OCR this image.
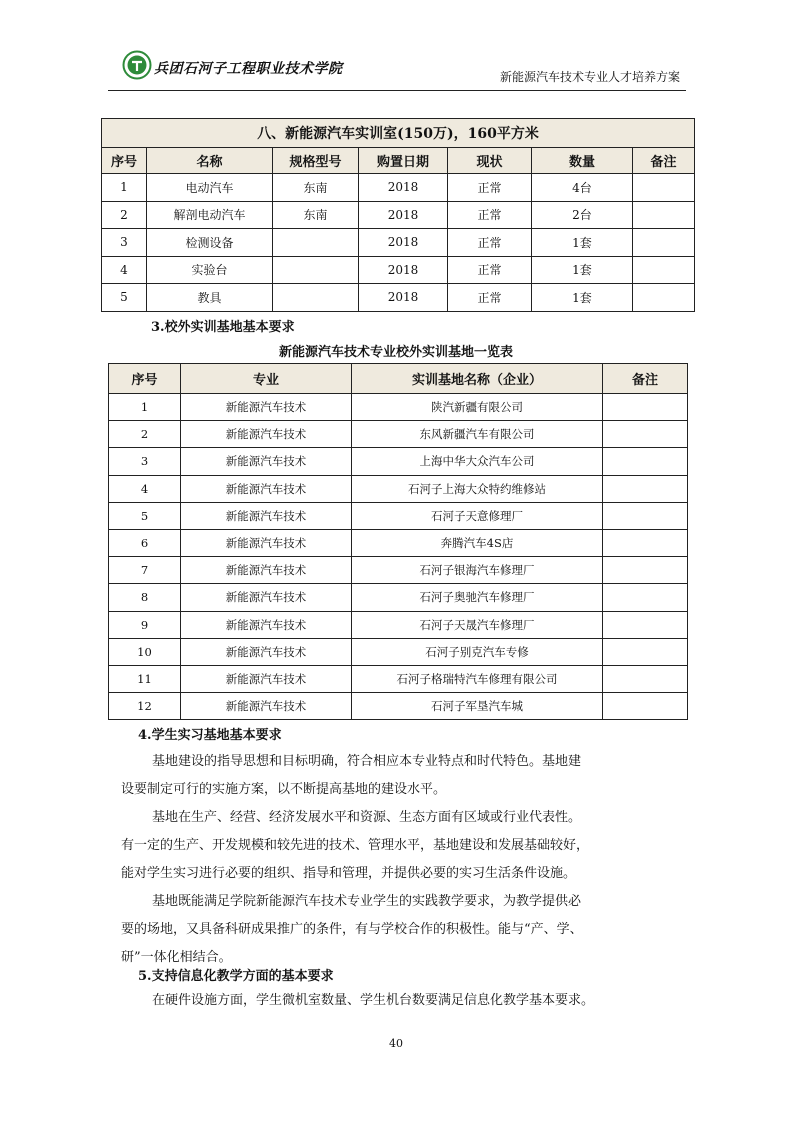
兵团石河子工程职业技术学院	新能源汽车技术专业人才培养方案
八、新能源汽车实训室(150万)，160平方米						
序号	名称	规格型号	购置日期	现状	数量	备注
1	电动汽车	东南	2018	正常	4台	
2	解剖电动汽车	东南	2018	正常	2台	
3	检测设备		2018	正常	1套	
4	实验台		2018	正常	1套	
5	教具		2018	正常	1套	
3.校外实训基地基本要求
新能源汽车技术专业校外实训基地一览表
序号	专业	实训基地名称（企业）	备注
1	新能源汽车技术	陕汽新疆有限公司	
2	新能源汽车技术	东风新疆汽车有限公司	
3	新能源汽车技术	上海中华大众汽车公司	
4	新能源汽车技术	石河子上海大众特约维修站	
5	新能源汽车技术	石河子天意修理厂	
6	新能源汽车技术	奔腾汽车4S店	
7	新能源汽车技术	石河子银海汽车修理厂	
8	新能源汽车技术	石河子奥驰汽车修理厂	
9	新能源汽车技术	石河子天晟汽车修理厂	
10	新能源汽车技术	石河子别克汽车专修	
11	新能源汽车技术	石河子格瑞特汽车修理有限公司	
12	新能源汽车技术	石河子军垦汽车城	
4.学生实习基地基本要求
基地建设的指导思想和目标明确，符合相应本专业特点和时代特色。基地建
设要制定可行的实施方案，以不断提高基地的建设水平。
基地在生产、经营、经济发展水平和资源、生态方面有区域或行业代表性。
有一定的生产、开发规模和较先进的技术、管理水平，基地建设和发展基础较好，
能对学生实习进行必要的组织、指导和管理，并提供必要的实习生活条件设施。
基地既能满足学院新能源汽车技术专业学生的实践教学要求，为教学提供必
要的场地，又具备科研成果推广的条件，有与学校合作的积极性。能与“产、学、
研”一体化相结合。
5.支持信息化教学方面的基本要求
在硬件设施方面，学生微机室数量、学生机台数要满足信息化教学基本要求。
40
